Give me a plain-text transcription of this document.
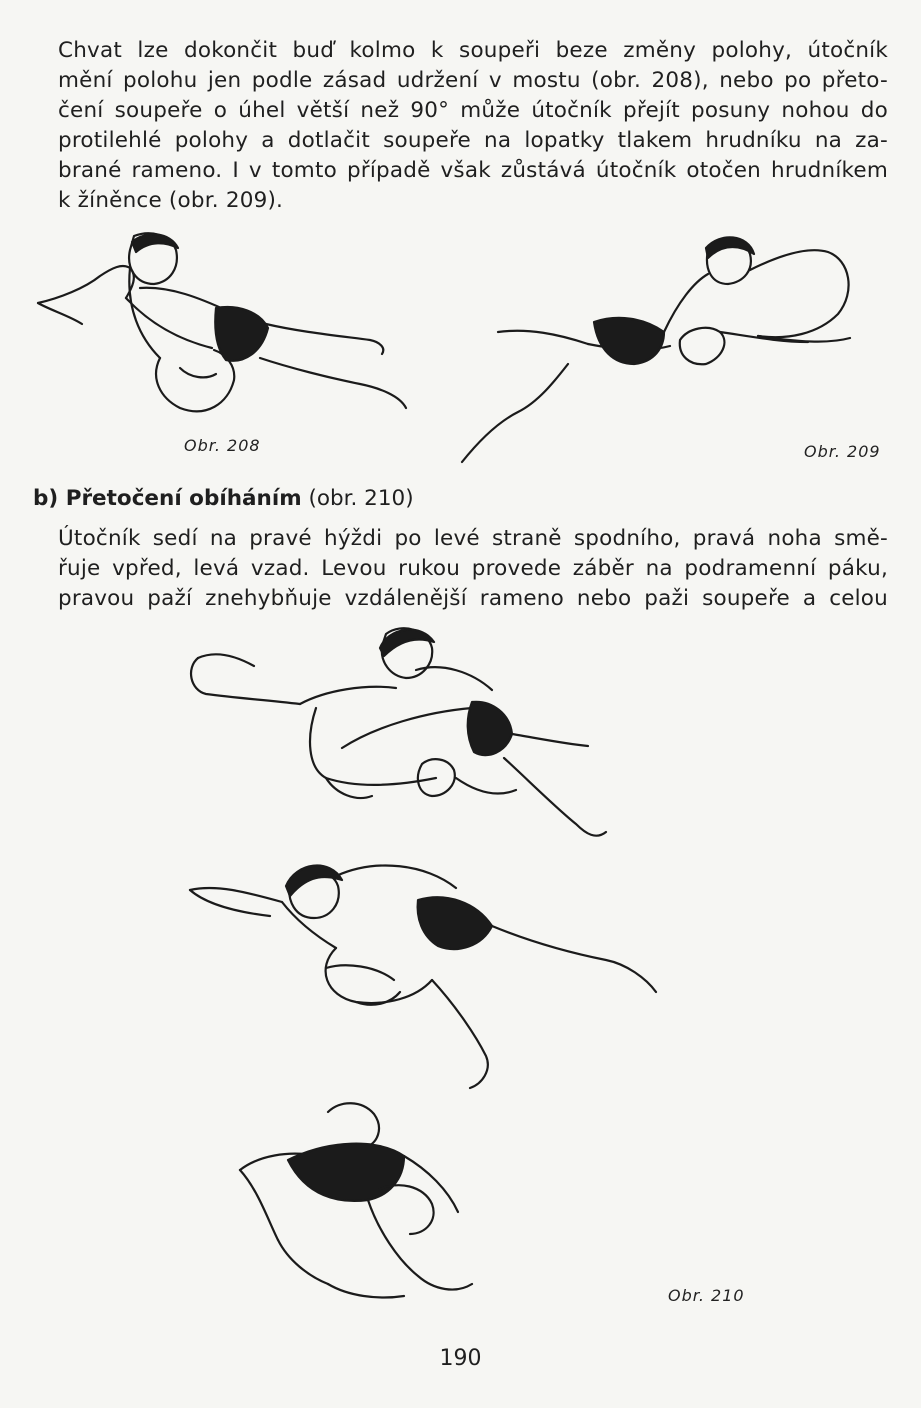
Chvat lze dokončit buď kolmo k soupeři beze změny polohy, útočník
mění polohu jen podle zásad udržení v mostu (obr. 208), nebo po přeto-
čení soupeře o úhel větší než 90° může útočník přejít posuny nohou do
protilehlé polohy a dotlačit soupeře na lopatky tlakem hrudníku na za-
brané rameno. I v tomto případě však zůstává útočník otočen hrudníkem
k žíněnce (obr. 209).
Obr. 208	Obr. 209
b) Přetočení obíháním (obr. 210)
Útočník sedí na pravé hýždi po levé straně spodního, pravá noha smě-
řuje vpřed, levá vzad. Levou rukou provede záběr na podramenní páku,
pravou paží znehybňuje vzdálenější rameno nebo paži soupeře a celou
Obr. 210
190
